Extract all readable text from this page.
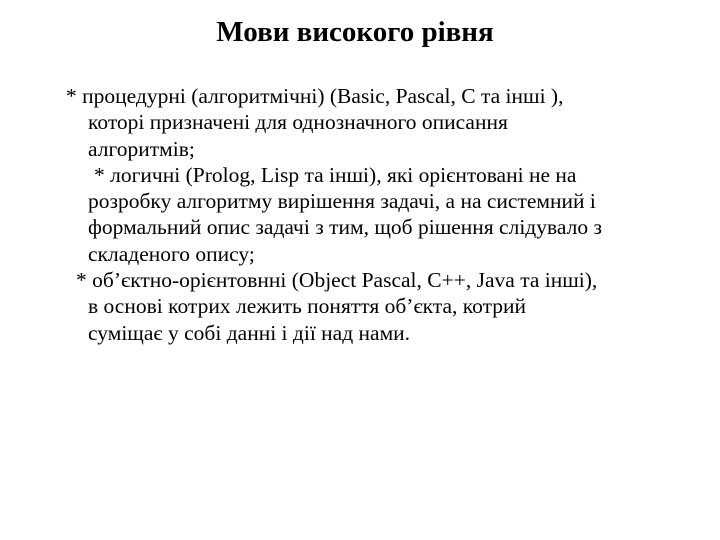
Мови високого рівня
* процедурні (алгоритмічні) (Basic, Pascal, C та інші ),
которі призначені для однозначного описання
алгоритмів;
* логичні (Prolog, Lisp та інші), які орієнтовані не на
розробку алгоритму вирішення задачі, а на системний і
формальний опис задачі з тим, щоб рішення слідувало з
складеного опису;
* об’єктно-орієнтовнні (Object Pascal, C++, Java та інші),
в основі котрих лежить поняття об’єкта, котрий
суміщає у собі данні і дії над нами.
